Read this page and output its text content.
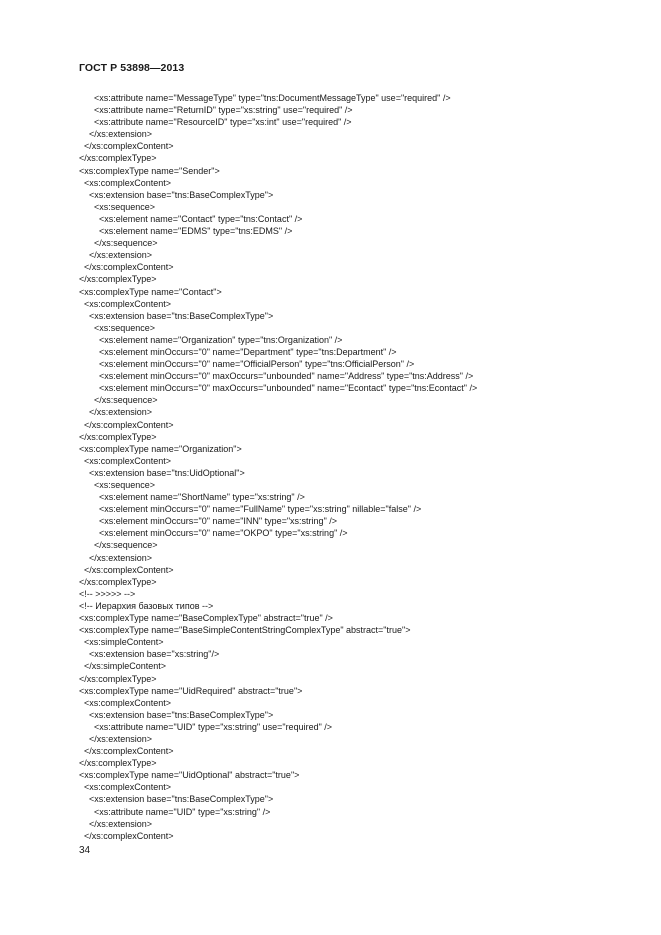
ГОСТ Р 53898—2013
<xs:attribute name="MessageType" type="tns:DocumentMessageType" use="required" />
<xs:attribute name="ReturnID" type="xs:string" use="required" />
<xs:attribute name="ResourceID" type="xs:int" use="required" />
</xs:extension>
</xs:complexContent>
</xs:complexType>
<xs:complexType name="Sender">
<xs:complexContent>
<xs:extension base="tns:BaseComplexType">
<xs:sequence>
<xs:element name="Contact" type="tns:Contact" />
<xs:element name="EDMS" type="tns:EDMS" />
</xs:sequence>
</xs:extension>
</xs:complexContent>
</xs:complexType>
<xs:complexType name="Contact">
<xs:complexContent>
<xs:extension base="tns:BaseComplexType">
<xs:sequence>
<xs:element name="Organization" type="tns:Organization" />
<xs:element minOccurs="0" name="Department" type="tns:Department" />
<xs:element minOccurs="0" name="OfficialPerson" type="tns:OfficialPerson" />
<xs:element minOccurs="0" maxOccurs="unbounded" name="Address" type="tns:Address" />
<xs:element minOccurs="0" maxOccurs="unbounded" name="Econtact" type="tns:Econtact" />
</xs:sequence>
</xs:extension>
</xs:complexContent>
</xs:complexType>
<xs:complexType name="Organization">
<xs:complexContent>
<xs:extension base="tns:UidOptional">
<xs:sequence>
<xs:element name="ShortName" type="xs:string" />
<xs:element minOccurs="0" name="FullName" type="xs:string" nillable="false" />
<xs:element minOccurs="0" name="INN" type="xs:string" />
<xs:element minOccurs="0" name="OKPO" type="xs:string" />
</xs:sequence>
</xs:extension>
</xs:complexContent>
</xs:complexType>
<!-- >>>>> -->
<!-- Иерархия базовых типов -->
<xs:complexType name="BaseComplexType" abstract="true" />
<xs:complexType name="BaseSimpleContentStringComplexType" abstract="true">
<xs:simpleContent>
<xs:extension base="xs:string"/>
</xs:simpleContent>
</xs:complexType>
<xs:complexType name="UidRequired" abstract="true">
<xs:complexContent>
<xs:extension base="tns:BaseComplexType">
<xs:attribute name="UID" type="xs:string" use="required" />
</xs:extension>
</xs:complexContent>
</xs:complexType>
<xs:complexType name="UidOptional" abstract="true">
<xs:complexContent>
<xs:extension base="tns:BaseComplexType">
<xs:attribute name="UID" type="xs:string" />
</xs:extension>
</xs:complexContent>
34
